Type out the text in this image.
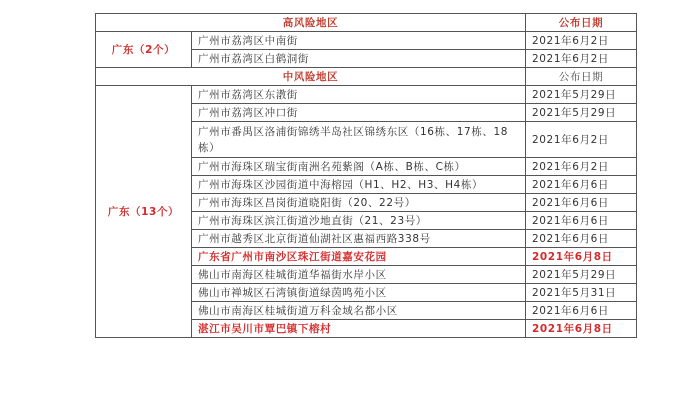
高风险地区		公布日期
广东（2个）	广州市荔湾区中南街	2021年6月2日
	广州市荔湾区白鹤洞街	2021年6月2日
中风险地区		公布日期
广东（13个）	广州市荔湾区东漖街	2021年5月29日
	广州市荔湾区冲口街	2021年5月29日
	广州市番禺区洛浦街锦绣半岛社区锦绣东区（16栋、17栋、18栋）	2021年6月2日
	广州市海珠区瑞宝街南洲名苑紫阁（A栋、B栋、C栋）	2021年6月2日
	广州市海珠区沙园街道中海榕园（H1、H2、H3、H4栋）	2021年6月6日
	广州市海珠区昌岗街道晓阳街（20、22号）	2021年6月6日
	广州市海珠区滨江街道沙地直街（21、23号）	2021年6月6日
	广州市越秀区北京街道仙湖社区惠福西路338号	2021年6月6日
	广东省广州市南沙区珠江街道嘉安花园	2021年6月8日
	佛山市南海区桂城街道华福街水岸小区	2021年5月29日
	佛山市禅城区石湾镇街道绿茵鸣苑小区	2021年5月31日
	佛山市南海区桂城街道万科金域名都小区	2021年6月6日
	湛江市吴川市覃巴镇下榕村	2021年6月8日
